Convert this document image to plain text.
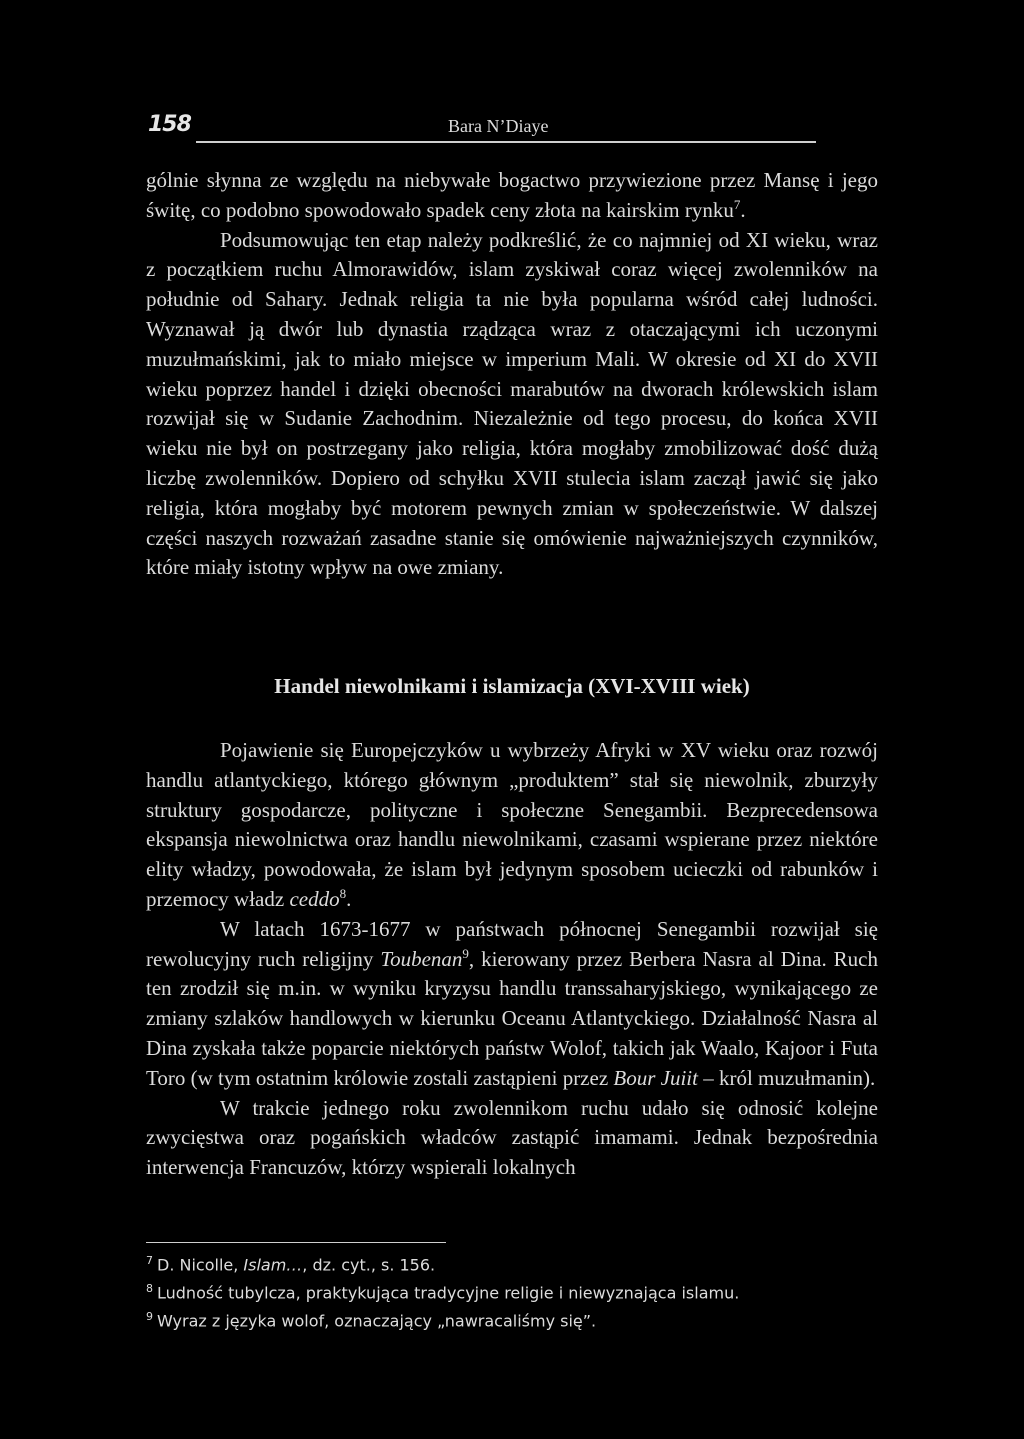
158	Bara N’Diaye

gólnie słynna ze względu na niebywałe bogactwo przywiezione przez Mansę i jego świtę, co podobno spowodowało spadek ceny złota na kairskim rynku$^7$.

Podsumowując ten etap należy podkreślić, że co najmniej od XI wieku, wraz z początkiem ruchu Almorawidów, islam zyskiwał coraz więcej zwolenników na południe od Sahary. Jednak religia ta nie była popularna wśród całej ludności. Wyznawał ją dwór lub dynastia rządząca wraz z otaczającymi ich uczonymi muzułmańskimi, jak to miało miejsce w imperium Mali. W okresie od XI do XVII wieku poprzez handel i dzięki obecności marabutów na dworach królewskich islam rozwijał się w Sudanie Zachodnim. Niezależnie od tego procesu, do końca XVII wieku nie był on postrzegany jako religia, która mogłaby zmobilizować dość dużą liczbę zwolenników. Dopiero od schyłku XVII stulecia islam zaczął jawić się jako religia, która mogłaby być motorem pewnych zmian w społeczeństwie. W dalszej części naszych rozważań zasadne stanie się omówienie najważniejszych czynników, które miały istotny wpływ na owe zmiany.

Handel niewolnikami i islamizacja (XVI-XVIII wiek)

Pojawienie się Europejczyków u wybrzeży Afryki w XV wieku oraz rozwój handlu atlantyckiego, którego głównym „produktem” stał się niewolnik, zburzyły struktury gospodarcze, polityczne i społeczne Senegambii. Bezprecedensowa ekspansja niewolnictwa oraz handlu niewolnikami, czasami wspierane przez niektóre elity władzy, powodowała, że islam był jedynym sposobem ucieczki od rabunków i przemocy władz ceddo$^8$.

W latach 1673-1677 w państwach północnej Senegambii rozwijał się rewolucyjny ruch religijny Toubenan$^9$, kierowany przez Berbera Nasra al Dina. Ruch ten zrodził się m.in. w wyniku kryzysu handlu transsaharyjskiego, wynikającego ze zmiany szlaków handlowych w kierunku Oceanu Atlantyckiego. Działalność Nasra al Dina zyskała także poparcie niektórych państw Wolof, takich jak Waalo, Kajoor i Futa Toro (w tym ostatnim królowie zostali zastąpieni przez Bour Juiit – król muzułmanin).

W trakcie jednego roku zwolennikom ruchu udało się odnosić kolejne zwycięstwa oraz pogańskich władców zastąpić imamami. Jednak bezpośrednia interwencja Francuzów, którzy wspierali lokalnych

$^7$ D. Nicolle, Islam…, dz. cyt., s. 156.
$^8$ Ludność tubylcza, praktykująca tradycyjne religie i niewyznająca islamu.
$^9$ Wyraz z języka wolof, oznaczający „nawracaliśmy się”.
